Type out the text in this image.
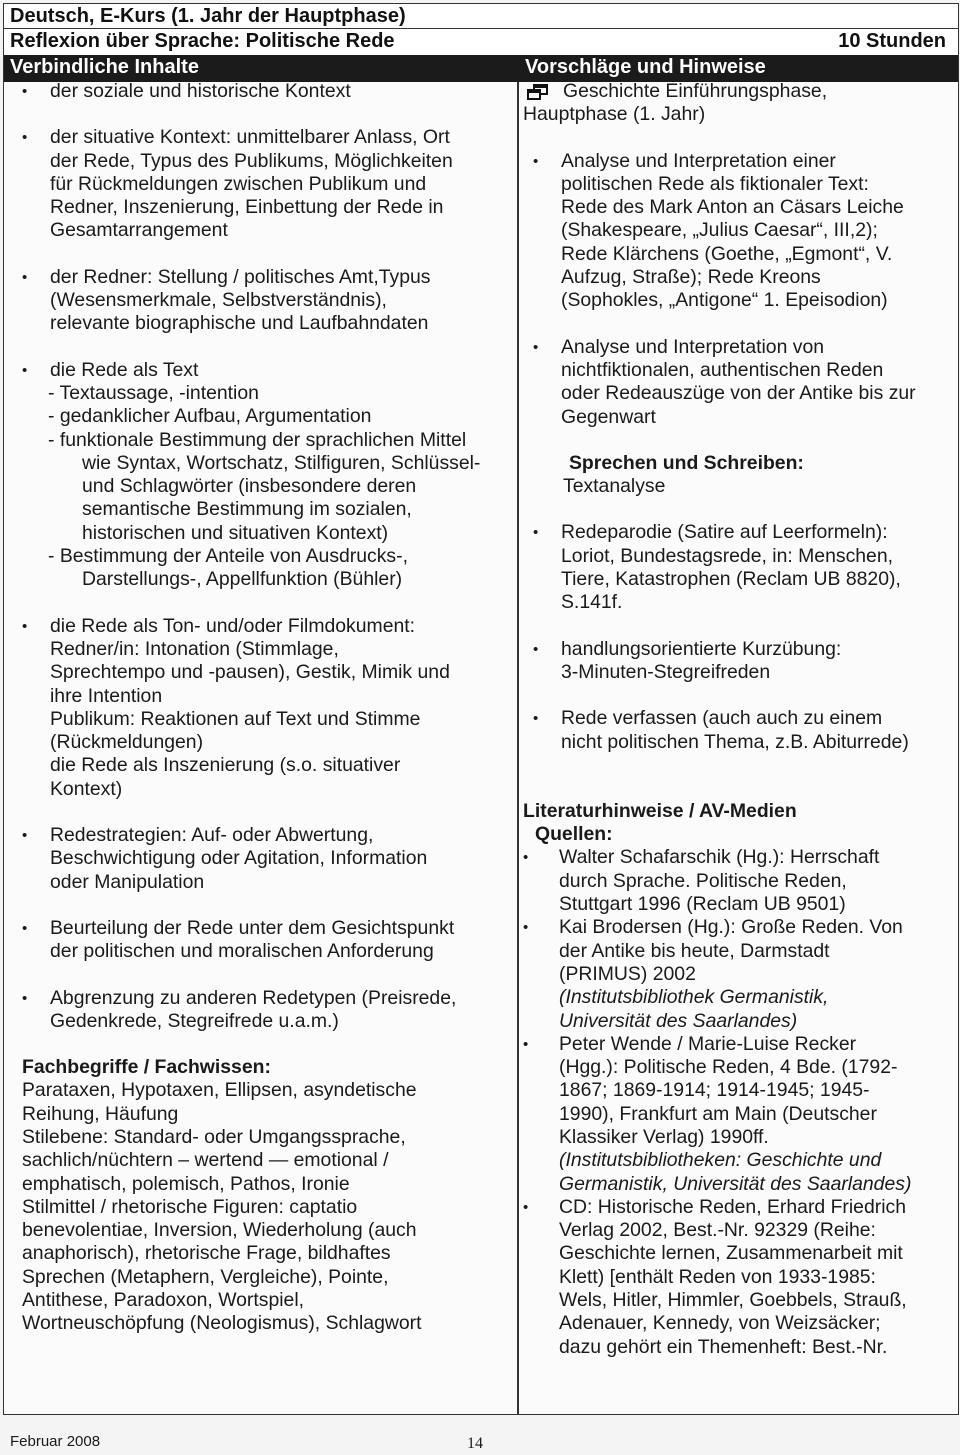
Deutsch, E-Kurs (1. Jahr der Hauptphase)
Reflexion über Sprache: Politische Rede	10 Stunden
Verbindliche Inhalte	Vorschläge und Hinweise
• der soziale und historische Kontext
• der situative Kontext: unmittelbarer Anlass, Ort
der Rede, Typus des Publikums, Möglichkeiten
für Rückmeldungen zwischen Publikum und
Redner, Inszenierung, Einbettung der Rede in
Gesamtarrangement
• der Redner: Stellung / politisches Amt,Typus
(Wesensmerkmale, Selbstverständnis),
relevante biographische und Laufbahndaten
• die Rede als Text
- Textaussage, -intention
- gedanklicher Aufbau, Argumentation
- funktionale Bestimmung der sprachlichen Mittel
wie Syntax, Wortschatz, Stilfiguren, Schlüssel-
und Schlagwörter (insbesondere deren
semantische Bestimmung im sozialen,
historischen und situativen Kontext)
- Bestimmung der Anteile von Ausdrucks-,
Darstellungs-, Appellfunktion (Bühler)
• die Rede als Ton- und/oder Filmdokument:
Redner/in: Intonation (Stimmlage,
Sprechtempo und -pausen), Gestik, Mimik und
ihre Intention
Publikum: Reaktionen auf Text und Stimme
(Rückmeldungen)
die Rede als Inszenierung (s.o. situativer
Kontext)
• Redestrategien: Auf- oder Abwertung,
Beschwichtigung oder Agitation, Information
oder Manipulation
• Beurteilung der Rede unter dem Gesichtspunkt
der politischen und moralischen Anforderung
• Abgrenzung zu anderen Redetypen (Preisrede,
Gedenkrede, Stegreifrede u.a.m.)
Fachbegriffe / Fachwissen:
Parataxen, Hypotaxen, Ellipsen, asyndetische
Reihung, Häufung
Stilebene: Standard- oder Umgangssprache,
sachlich/nüchtern – wertend — emotional /
emphatisch, polemisch, Pathos, Ironie
Stilmittel / rhetorische Figuren: captatio
benevolentiae, Inversion, Wiederholung (auch
anaphorisch), rhetorische Frage, bildhaftes
Sprechen (Metaphern, Vergleiche), Pointe,
Antithese, Paradoxon, Wortspiel,
Wortneuschöpfung (Neologismus), Schlagwort
Geschichte Einführungsphase,
Hauptphase (1. Jahr)
• Analyse und Interpretation einer
politischen Rede als fiktionaler Text:
Rede des Mark Anton an Cäsars Leiche
(Shakespeare, „Julius Caesar“, III,2);
Rede Klärchens (Goethe, „Egmont“, V.
Aufzug, Straße); Rede Kreons
(Sophokles, „Antigone“ 1. Epeisodion)
• Analyse und Interpretation von
nichtfiktionalen, authentischen Reden
oder Redeauszüge von der Antike bis zur
Gegenwart
Sprechen und Schreiben:
Textanalyse
• Redeparodie (Satire auf Leerformeln):
Loriot, Bundestagsrede, in: Menschen,
Tiere, Katastrophen (Reclam UB 8820),
S.141f.
• handlungsorientierte Kurzübung:
3-Minuten-Stegreifreden
• Rede verfassen (auch auch zu einem
nicht politischen Thema, z.B. Abiturrede)
Literaturhinweise / AV-Medien
Quellen:
• Walter Schafarschik (Hg.): Herrschaft
durch Sprache. Politische Reden,
Stuttgart 1996 (Reclam UB 9501)
• Kai Brodersen (Hg.): Große Reden. Von
der Antike bis heute, Darmstadt
(PRIMUS) 2002
(Institutsbibliothek Germanistik,
Universität des Saarlandes)
• Peter Wende / Marie-Luise Recker
(Hgg.): Politische Reden, 4 Bde. (1792-
1867; 1869-1914; 1914-1945; 1945-
1990), Frankfurt am Main (Deutscher
Klassiker Verlag) 1990ff.
(Institutsbibliotheken: Geschichte und
Germanistik, Universität des Saarlandes)
• CD: Historische Reden, Erhard Friedrich
Verlag 2002, Best.-Nr. 92329 (Reihe:
Geschichte lernen, Zusammenarbeit mit
Klett) [enthält Reden von 1933-1985:
Wels, Hitler, Himmler, Goebbels, Strauß,
Adenauer, Kennedy, von Weizsäcker;
dazu gehört ein Themenheft: Best.-Nr.
Februar 2008	14
